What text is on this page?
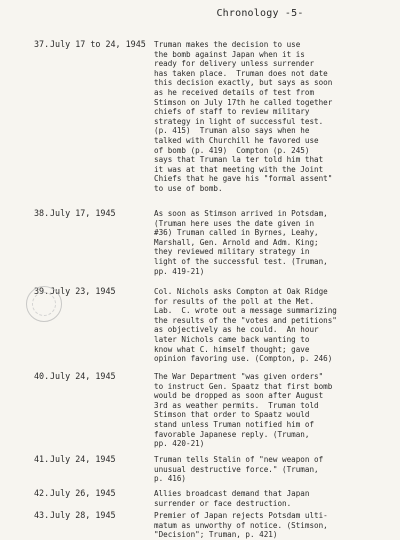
Chronology -5-
37. July 17 to 24, 1945 Truman makes the decision to use
the bomb against Japan when it is
ready for delivery unless surrender
has taken place.  Truman does not date
this decision exactly, but says as soon
as he received details of test from
Stimson on July 17th he called together
chiefs of staff to review military
strategy in light of successful test.
(p. 415)  Truman also says when he
talked with Churchill he favored use
of bomb (p. 419)  Compton (p. 245)
says that Truman la ter told him that
it was at that meeting with the Joint
Chiefs that he gave his "formal assent"
to use of bomb.
38. July 17, 1945	As soon as Stimson arrived in Potsdam,
(Truman here uses the date given in
#36) Truman called in Byrnes, Leahy,
Marshall, Gen. Arnold and Adm. King;
they reviewed military strategy in
light of the successful test. (Truman,
pp. 419-21)
39. July 23, 1945	Col. Nichols asks Compton at Oak Ridge
for results of the poll at the Met.
Lab.  C. wrote out a message summarizing
the results of the "votes and petitions"
as objectively as he could.  An hour
later Nichols came back wanting to
know what C. himself thought; gave
opinion favoring use. (Compton, p. 246)
40. July 24, 1945	The War Department "was given orders"
to instruct Gen. Spaatz that first bomb
would be dropped as soon after August
3rd as weather permits.  Truman told
Stimson that order to Spaatz would
stand unless Truman notified him of
favorable Japanese reply. (Truman,
pp. 420-21)
41. July 24, 1945	Truman tells Stalin of "new weapon of
unusual destructive force." (Truman,
p. 416)
42. July 26, 1945	Allies broadcast demand that Japan
surrender or face destruction.
43. July 28, 1945	Premier of Japan rejects Potsdam ulti-
matum as unworthy of notice. (Stimson,
"Decision"; Truman, p. 421)
